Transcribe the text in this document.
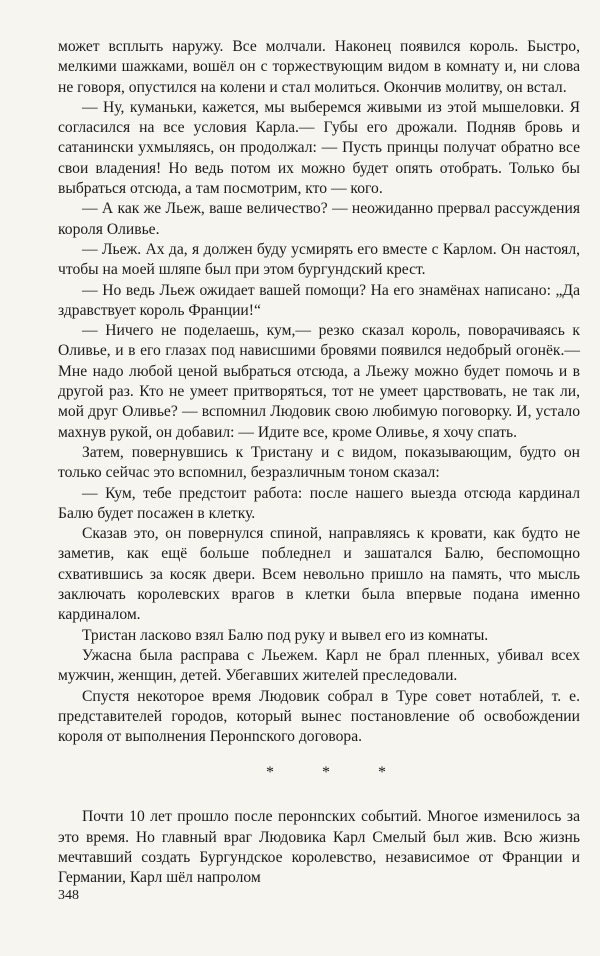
может всплыть наружу. Все молчали. Наконец появился король. Быстро, мелкими шажками, вошёл он с торжествующим видом в комнату и, ни слова не говоря, опустился на колени и стал молиться. Окончив молитву, он встал.

— Ну, куманьки, кажется, мы выберемся живыми из этой мышеловки. Я согласился на все условия Карла.— Губы его дрожали. Подняв бровь и сатанински ухмыляясь, он продолжал: — Пусть принцы получат обратно все свои владения! Но ведь потом их можно будет опять отобрать. Только бы выбраться отсюда, а там посмотрим, кто — кого.

— А как же Льеж, ваше величество? — неожиданно прервал рассуждения короля Оливье.

— Льеж. Ах да, я должен буду усмирять его вместе с Карлом. Он настоял, чтобы на моей шляпе был при этом бургундский крест.

— Но ведь Льеж ожидает вашей помощи? На его знамёнах написано: „Да здравствует король Франции!“

— Ничего не поделаешь, кум,— резко сказал король, поворачиваясь к Оливье, и в его глазах под нависшими бровями появился недобрый огонёк.— Мне надо любой ценой выбраться отсюда, а Льежу можно будет помочь и в другой раз. Кто не умеет притворяться, тот не умеет царствовать, не так ли, мой друг Оливье? — вспомнил Людовик свою любимую поговорку. И, устало махнув рукой, он добавил: — Идите все, кроме Оливье, я хочу спать.

Затем, повернувшись к Тристану и с видом, показывающим, будто он только сейчас это вспомнил, безразличным тоном сказал:

— Кум, тебе предстоит работа: после нашего выезда отсюда кардинал Балю будет посажен в клетку.

Сказав это, он повернулся спиной, направляясь к кровати, как будто не заметив, как ещё больше побледнел и зашатался Балю, беспомощно схватившись за косяк двери. Всем невольно пришло на память, что мысль заключать королевских врагов в клетки была впервые подана именно кардиналом.

Тристан ласково взял Балю под руку и вывел его из комнаты.

Ужасна была расправа с Льежем. Карл не брал пленных, убивал всех мужчин, женщин, детей. Убегавших жителей преследовали.

Спустя некоторое время Людовик собрал в Туре совет нотаблей, т. е. представителей городов, который вынес постановление об освобождении короля от выполнения Перонnского договора.

* * *

Почти 10 лет прошло после перонnских событий. Многое изменилось за это время. Но главный враг Людовика Карл Смелый был жив. Всю жизнь мечтавший создать Бургундское королевство, независимое от Франции и Германии, Карл шёл напролом

348
